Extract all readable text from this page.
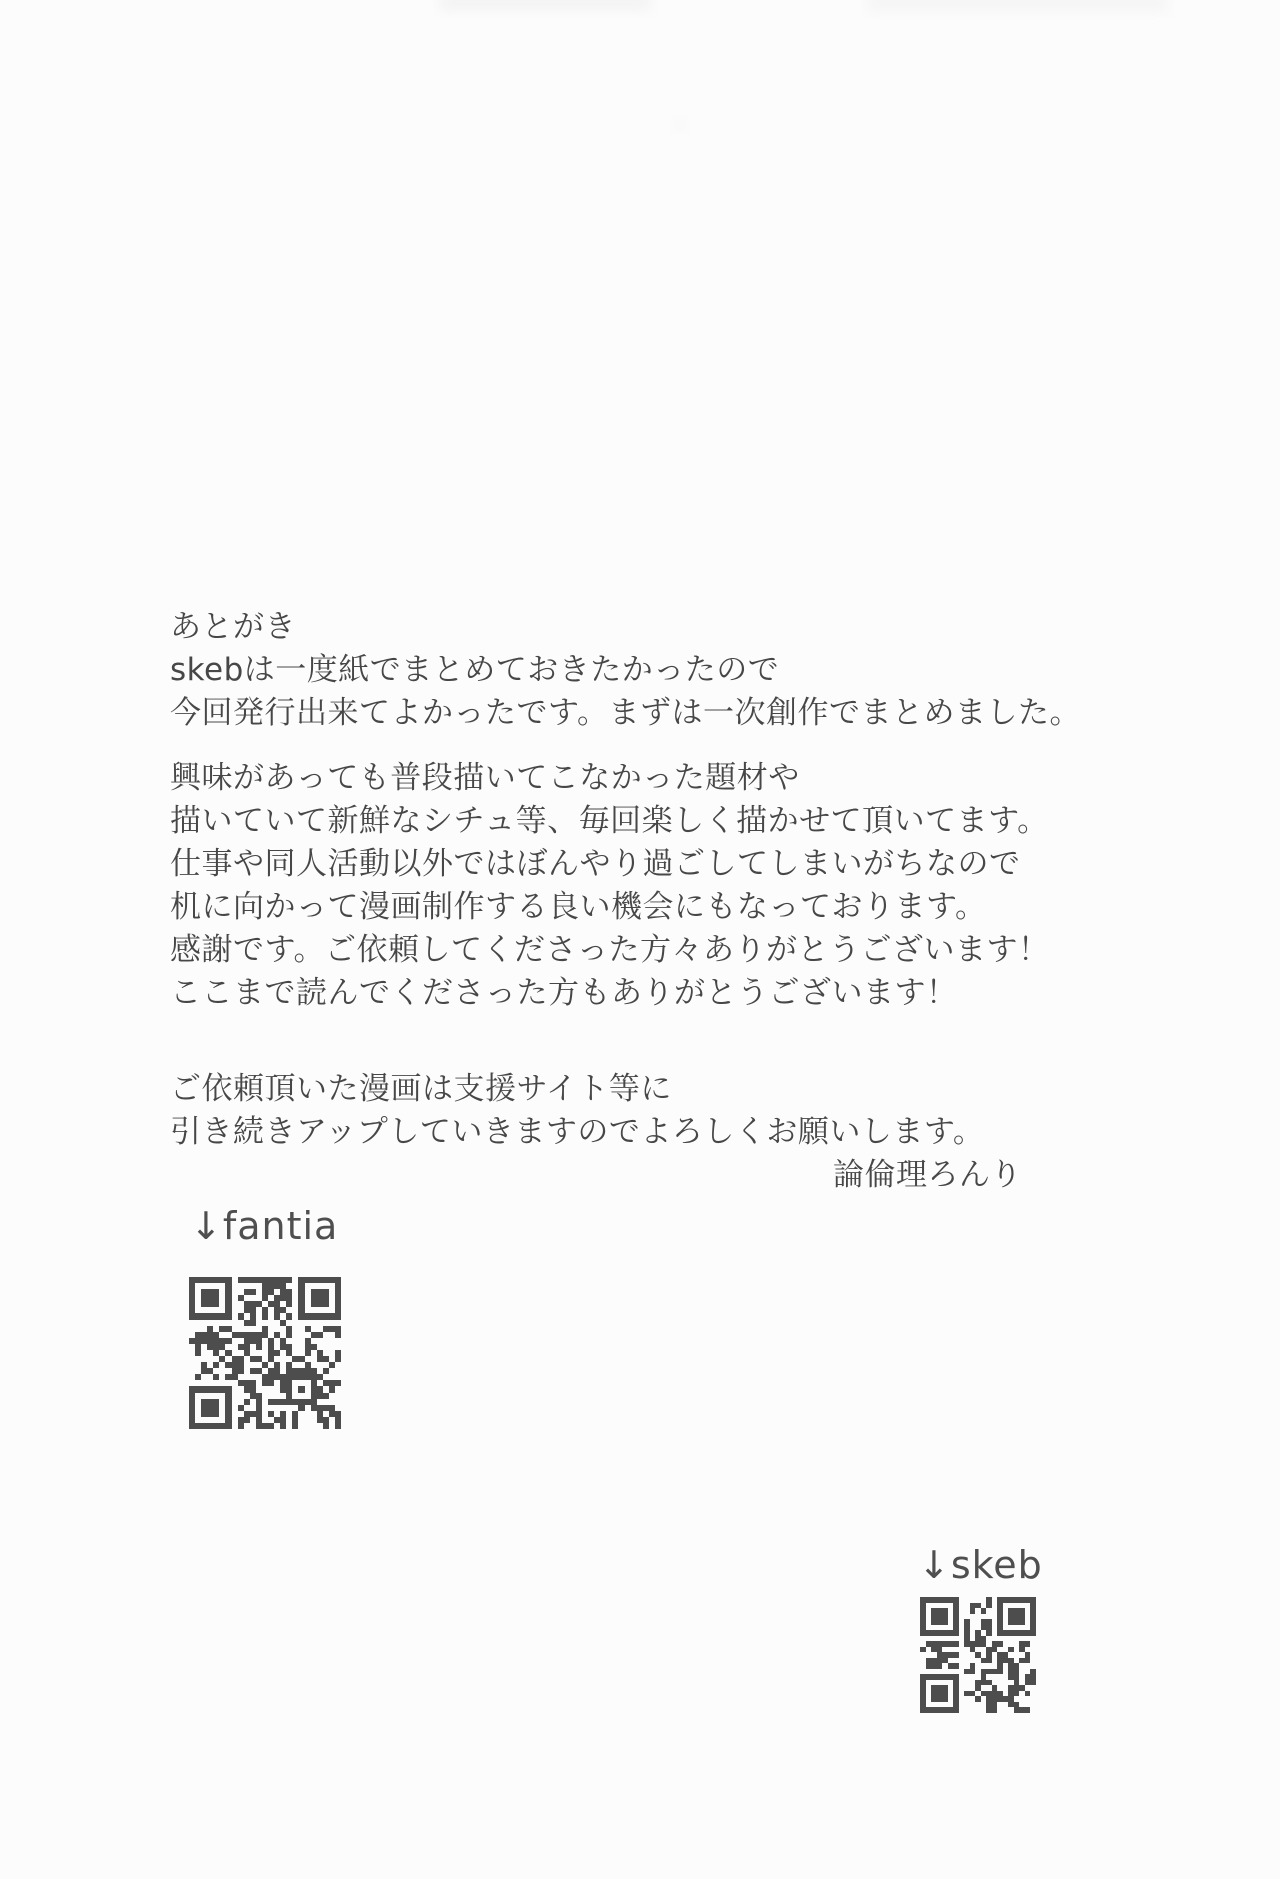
あとがき
skebは一度紙でまとめておきたかったので
今回発行出来てよかったです。まずは一次創作でまとめました。
興味があっても普段描いてこなかった題材や
描いていて新鮮なシチュ等、毎回楽しく描かせて頂いてます。
仕事や同人活動以外ではぼんやり過ごしてしまいがちなので
机に向かって漫画制作する良い機会にもなっております。
感謝です。ご依頼してくださった方々ありがとうございます！
ここまで読んでくださった方もありがとうございます！
ご依頼頂いた漫画は支援サイト等に
引き続きアップしていきますのでよろしくお願いします。
論倫理ろんり
↓fantia
↓skeb
